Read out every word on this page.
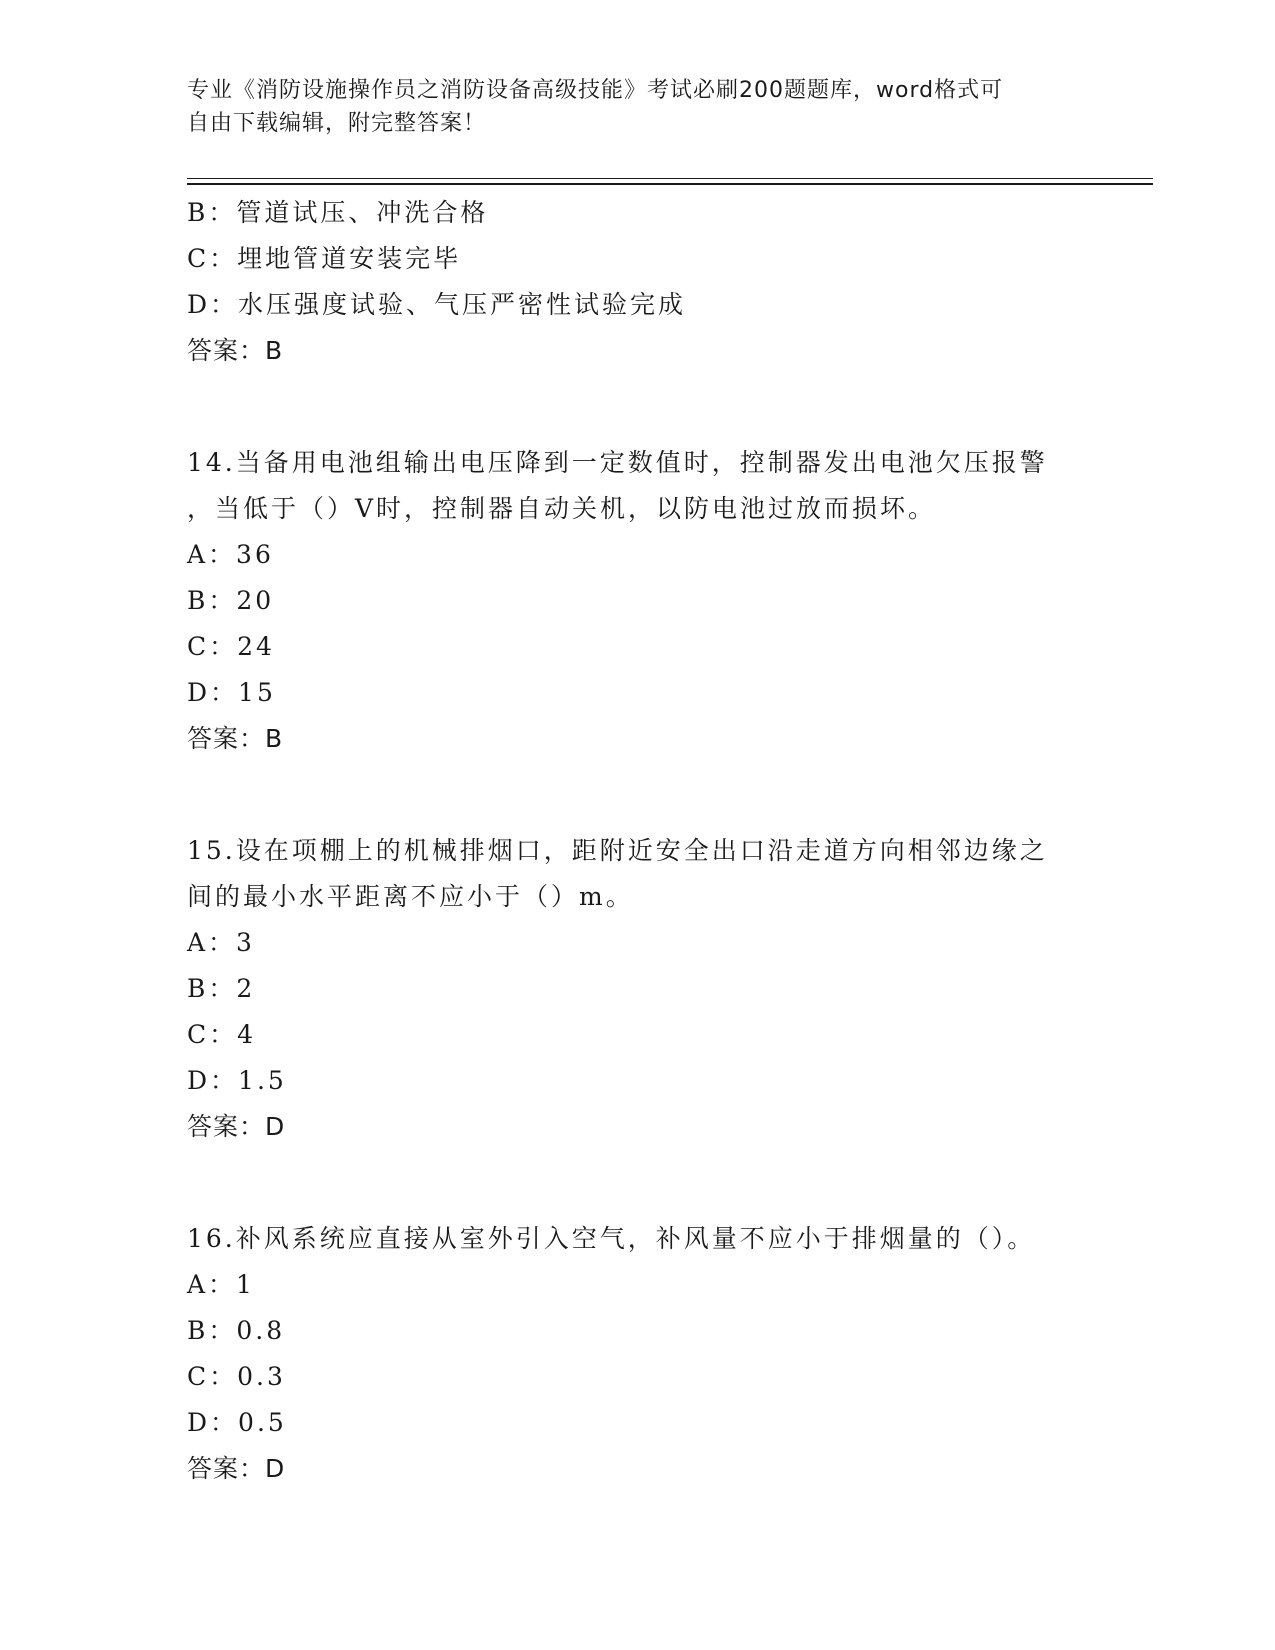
专业《消防设施操作员之消防设备高级技能》考试必刷200题题库，word格式可
自由下载编辑，附完整答案！
B：管道试压、冲洗合格
C：埋地管道安装完毕
D：水压强度试验、气压严密性试验完成
答案：B
14.当备用电池组输出电压降到一定数值时，控制器发出电池欠压报警
，当低于（）V时，控制器自动关机，以防电池过放而损坏。
A：36
B：20
C：24
D：15
答案：B
15.设在项棚上的机械排烟口，距附近安全出口沿走道方向相邻边缘之
间的最小水平距离不应小于（）m。
A：3
B：2
C：4
D：1.5
答案：D
16.补风系统应直接从室外引入空气，补风量不应小于排烟量的（）。
A：1
B：0.8
C：0.3
D：0.5
答案：D
